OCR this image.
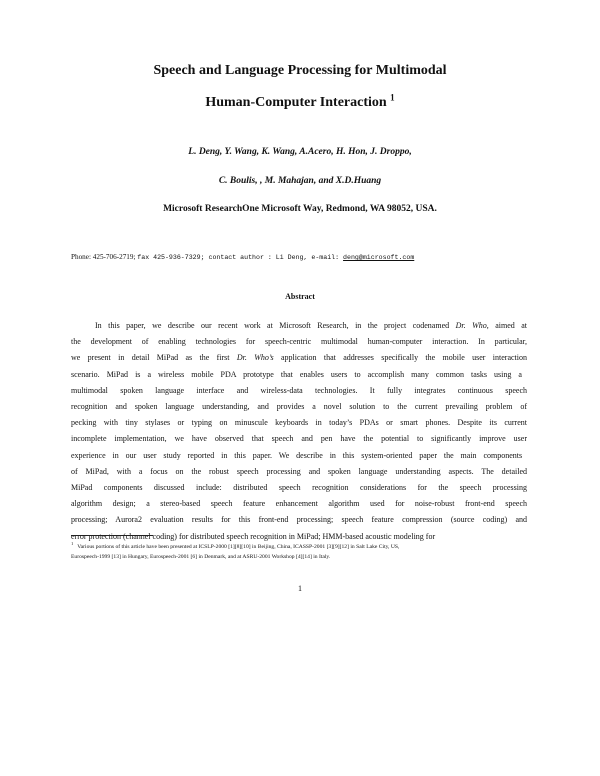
Speech and Language Processing for Multimodal
Human-Computer Interaction $^1$
L. Deng, Y. Wang, K. Wang, A.Acero, H. Hon, J. Droppo,
C. Boulis, , M. Mahajan, and X.D.Huang
Microsoft ResearchOne Microsoft Way, Redmond, WA 98052, USA.
Phone: 425-706-2719; fax 425-936-7329; contact author : Li Deng, e-mail: deng@microsoft.com
Abstract
In this paper, we describe our recent work at Microsoft Research, in the project codenamed Dr. Who, aimed at
the development of enabling technologies for speech-centric multimodal human-computer interaction. In particular,
we present in detail MiPad as the first Dr. Who’s application that addresses specifically the mobile user interaction
scenario. MiPad is a wireless mobile PDA prototype that enables users to accomplish many common tasks using a
multimodal spoken language interface and wireless-data technologies. It fully integrates continuous speech
recognition and spoken language understanding, and provides a novel solution to the current prevailing problem of
pecking with tiny stylases or typing on minuscule keyboards in today’s PDAs or smart phones. Despite its current
incomplete implementation, we have observed that speech and pen have the potential to significantly improve user
experience in our user study reported in this paper. We describe in this system-oriented paper the main components
of MiPad, with a focus on the robust speech processing and spoken language understanding aspects. The detailed
MiPad components discussed include: distributed speech recognition considerations for the speech processing
algorithm design; a stereo-based speech feature enhancement algorithm used for noise-robust front-end speech
processing; Aurora2 evaluation results for this front-end processing; speech feature compression (source coding) and
error protection (channel coding) for distributed speech recognition in MiPad; HMM-based acoustic modeling for
$^1$Various portions of this article have been presented at ICSLP-2000 [1][8][10] in Beijing, China, ICASSP-2001 [3][9][12] in Salt Lake City, US,
Eurospeech-1999 [13] in Hungary, Eurospeech-2001 [6] in Denmark, and at ASRU-2001 Workshop [4][14] in Italy.
1
